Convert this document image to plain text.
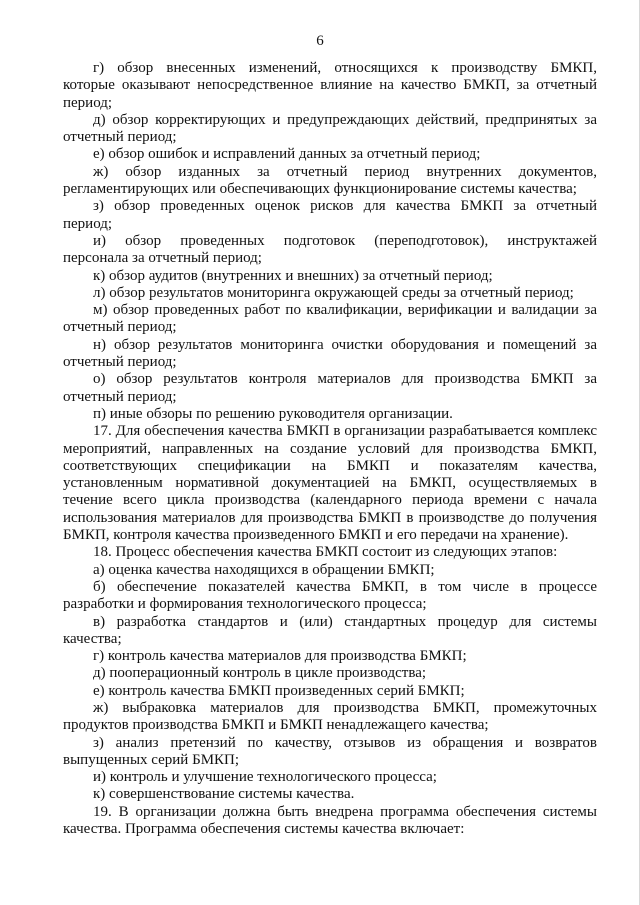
6

г) обзор внесенных изменений, относящихся к производству БМКП,

которые оказывают непосредственное влияние на качество БМКП, за отчетный период;

д) обзор корректирующих и предупреждающих действий, предпринятых за

отчетный период;

е) обзор ошибок и исправлений данных за отчетный период;

ж) обзор изданных за отчетный период внутренних документов,

регламентирующих или обеспечивающих функционирование системы качества;

з) обзор проведенных оценок рисков для качества БМКП за отчетный

период;

и) обзор проведенных подготовок (переподготовок), инструктажей

персонала за отчетный период;

к) обзор аудитов (внутренних и внешних) за отчетный период;

л) обзор результатов мониторинга окружающей среды за отчетный период;

м) обзор проведенных работ по квалификации, верификации и валидации за

отчетный период;

н) обзор результатов мониторинга очистки оборудования и помещений за

отчетный период;

о) обзор результатов контроля материалов для производства БМКП за

отчетный период;

п) иные обзоры по решению руководителя организации.

17. Для обеспечения качества БМКП в организации разрабатывается комплекс мероприятий, направленных на создание условий для производства БМКП, соответствующих спецификации на БМКП и показателям качества, установленным нормативной документацией на БМКП, осуществляемых в течение всего цикла производства (календарного периода времени с начала использования материалов для производства БМКП в производстве до получения БМКП, контроля качества произведенного БМКП и его передачи на хранение).

18. Процесс обеспечения качества БМКП состоит из следующих этапов:

а) оценка качества находящихся в обращении БМКП;

б) обеспечение показателей качества БМКП, в том числе в процессе

разработки и формирования технологического процесса;

в) разработка стандартов и (или) стандартных процедур для системы

качества;

г) контроль качества материалов для производства БМКП;

д) пооперационный контроль в цикле производства;

е) контроль качества БМКП произведенных серий БМКП;

ж) выбраковка материалов для производства БМКП, промежуточных

продуктов производства БМКП и БМКП ненадлежащего качества;

з) анализ претензий по качеству, отзывов из обращения и возвратов

выпущенных серий БМКП;

и) контроль и улучшение технологического процесса;

к) совершенствование системы качества.

19. В организации должна быть внедрена программа обеспечения системы

качества. Программа обеспечения системы качества включает:
